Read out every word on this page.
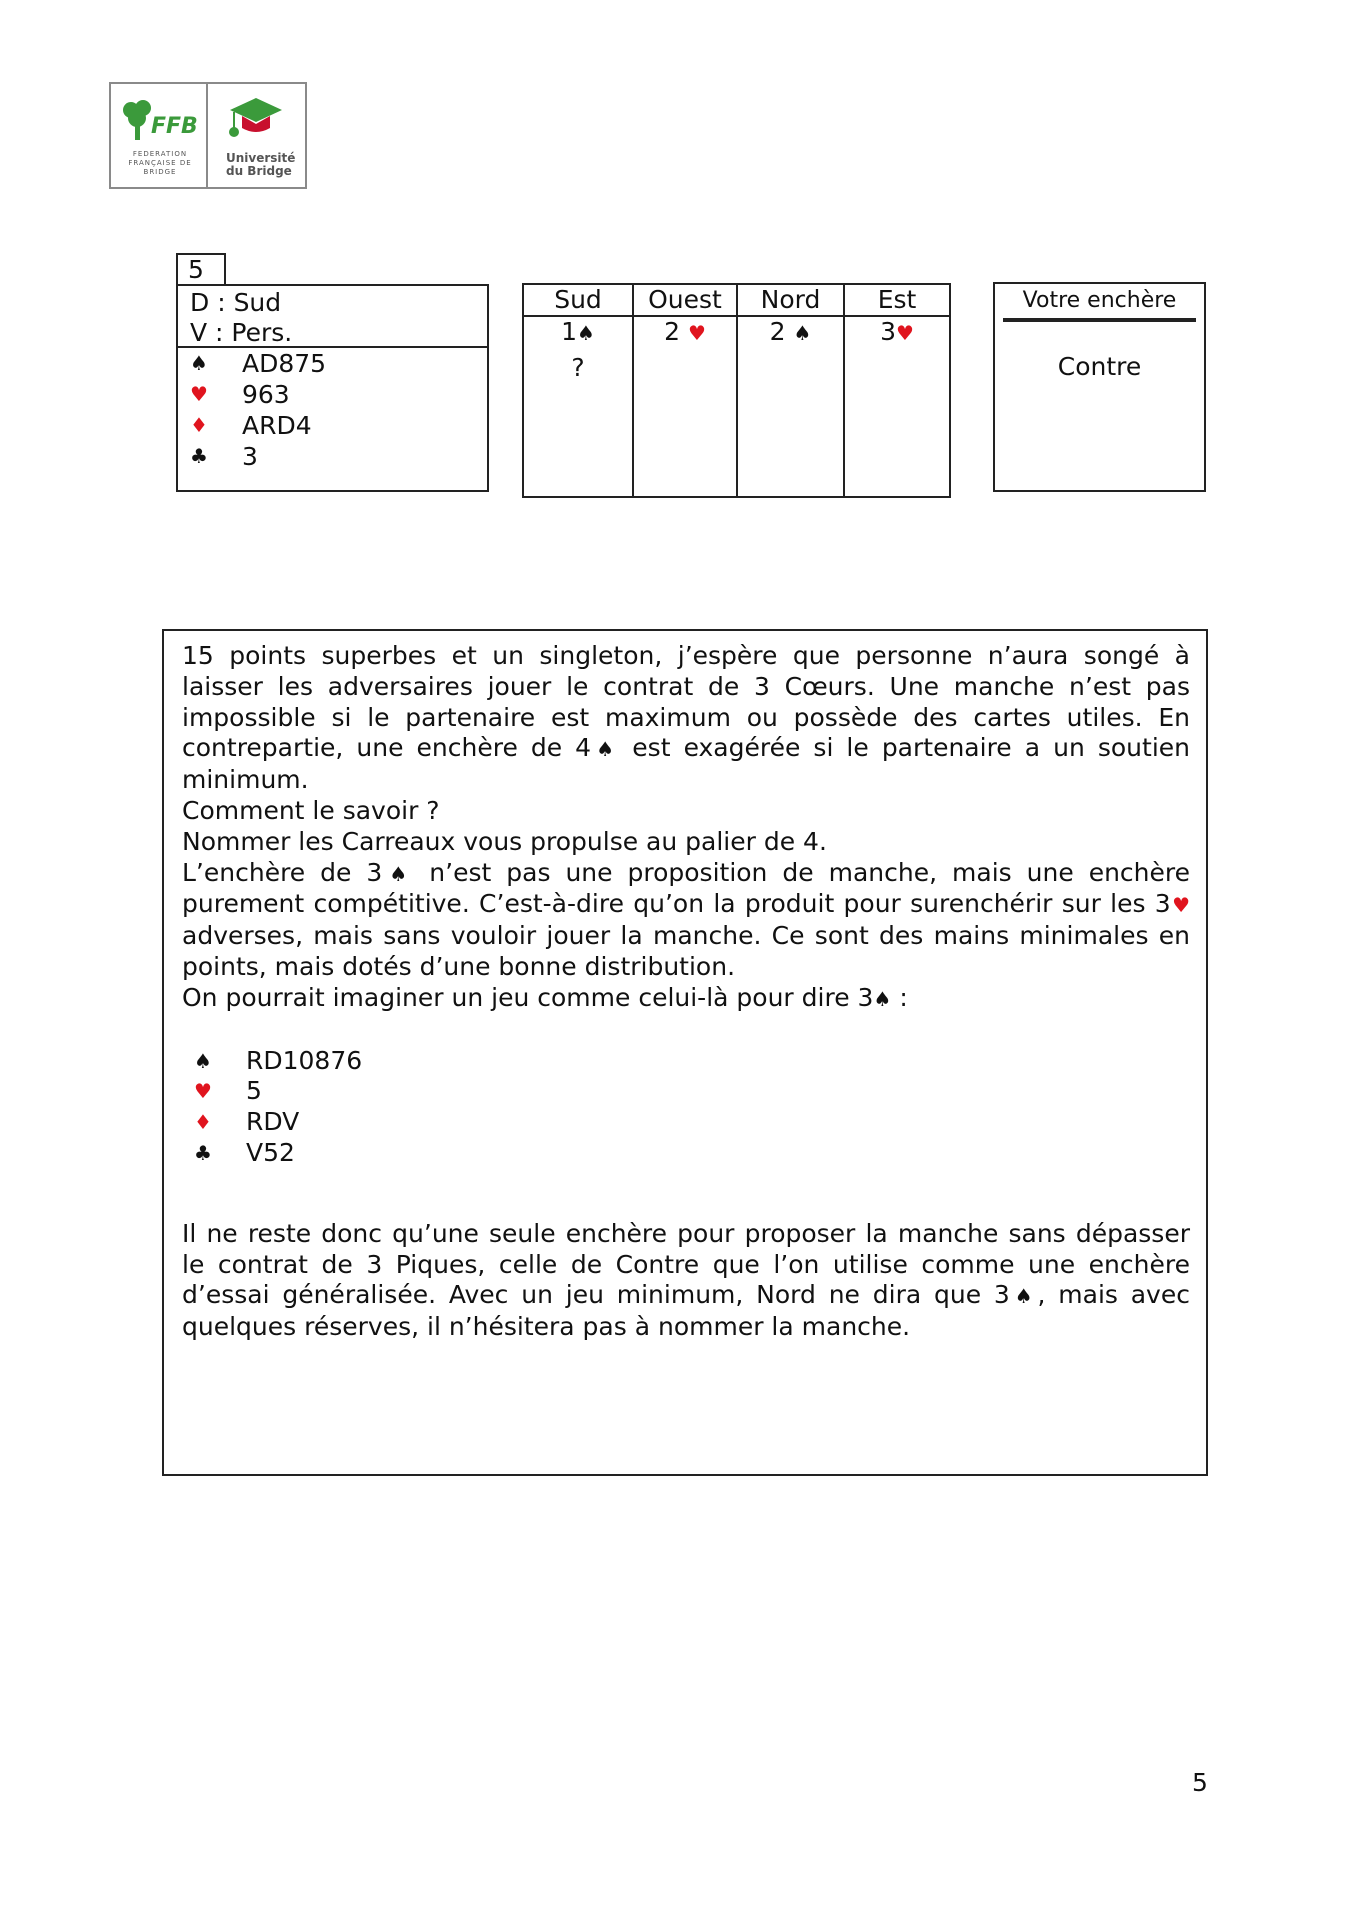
FFB
FEDERATION FRANÇAISE DE BRIDGE
Université
du Bridge
5
D : Sud
V : Pers.
♠	AD875
♥	963
♦	ARD4
♣	3
Sud	Ouest	Nord	Est
1♠	2 ♥	2 ♠	3♥
?			
Votre enchère
Contre

15 points superbes et un singleton, j’espère que personne n’aura songé à laisser les adversaires jouer le contrat de 3 Cœurs. Une manche n’est pas impossible si le partenaire est maximum ou possède des cartes utiles. En contrepartie, une enchère de 4♠ est exagérée si le partenaire a un soutien minimum.

Comment le savoir ?

Nommer les Carreaux vous propulse au palier de 4.

L’enchère de 3♠ n’est pas une proposition de manche, mais une enchère purement compétitive. C’est-à-dire qu’on la produit pour surenchérir sur les 3♥ adverses, mais sans vouloir jouer la manche. Ce sont des mains minimales en points, mais dotés d’une bonne distribution.

On pourrait imaginer un jeu comme celui-là pour dire 3♠ :

♠	RD10876
♥	5
♦	RDV
♣	V52

Il ne reste donc qu’une seule enchère pour proposer la manche sans dépasser le contrat de 3 Piques, celle de Contre que l’on utilise comme une enchère d’essai généralisée. Avec un jeu minimum, Nord ne dira que 3♠, mais avec quelques réserves, il n’hésitera pas à nommer la manche.

5
